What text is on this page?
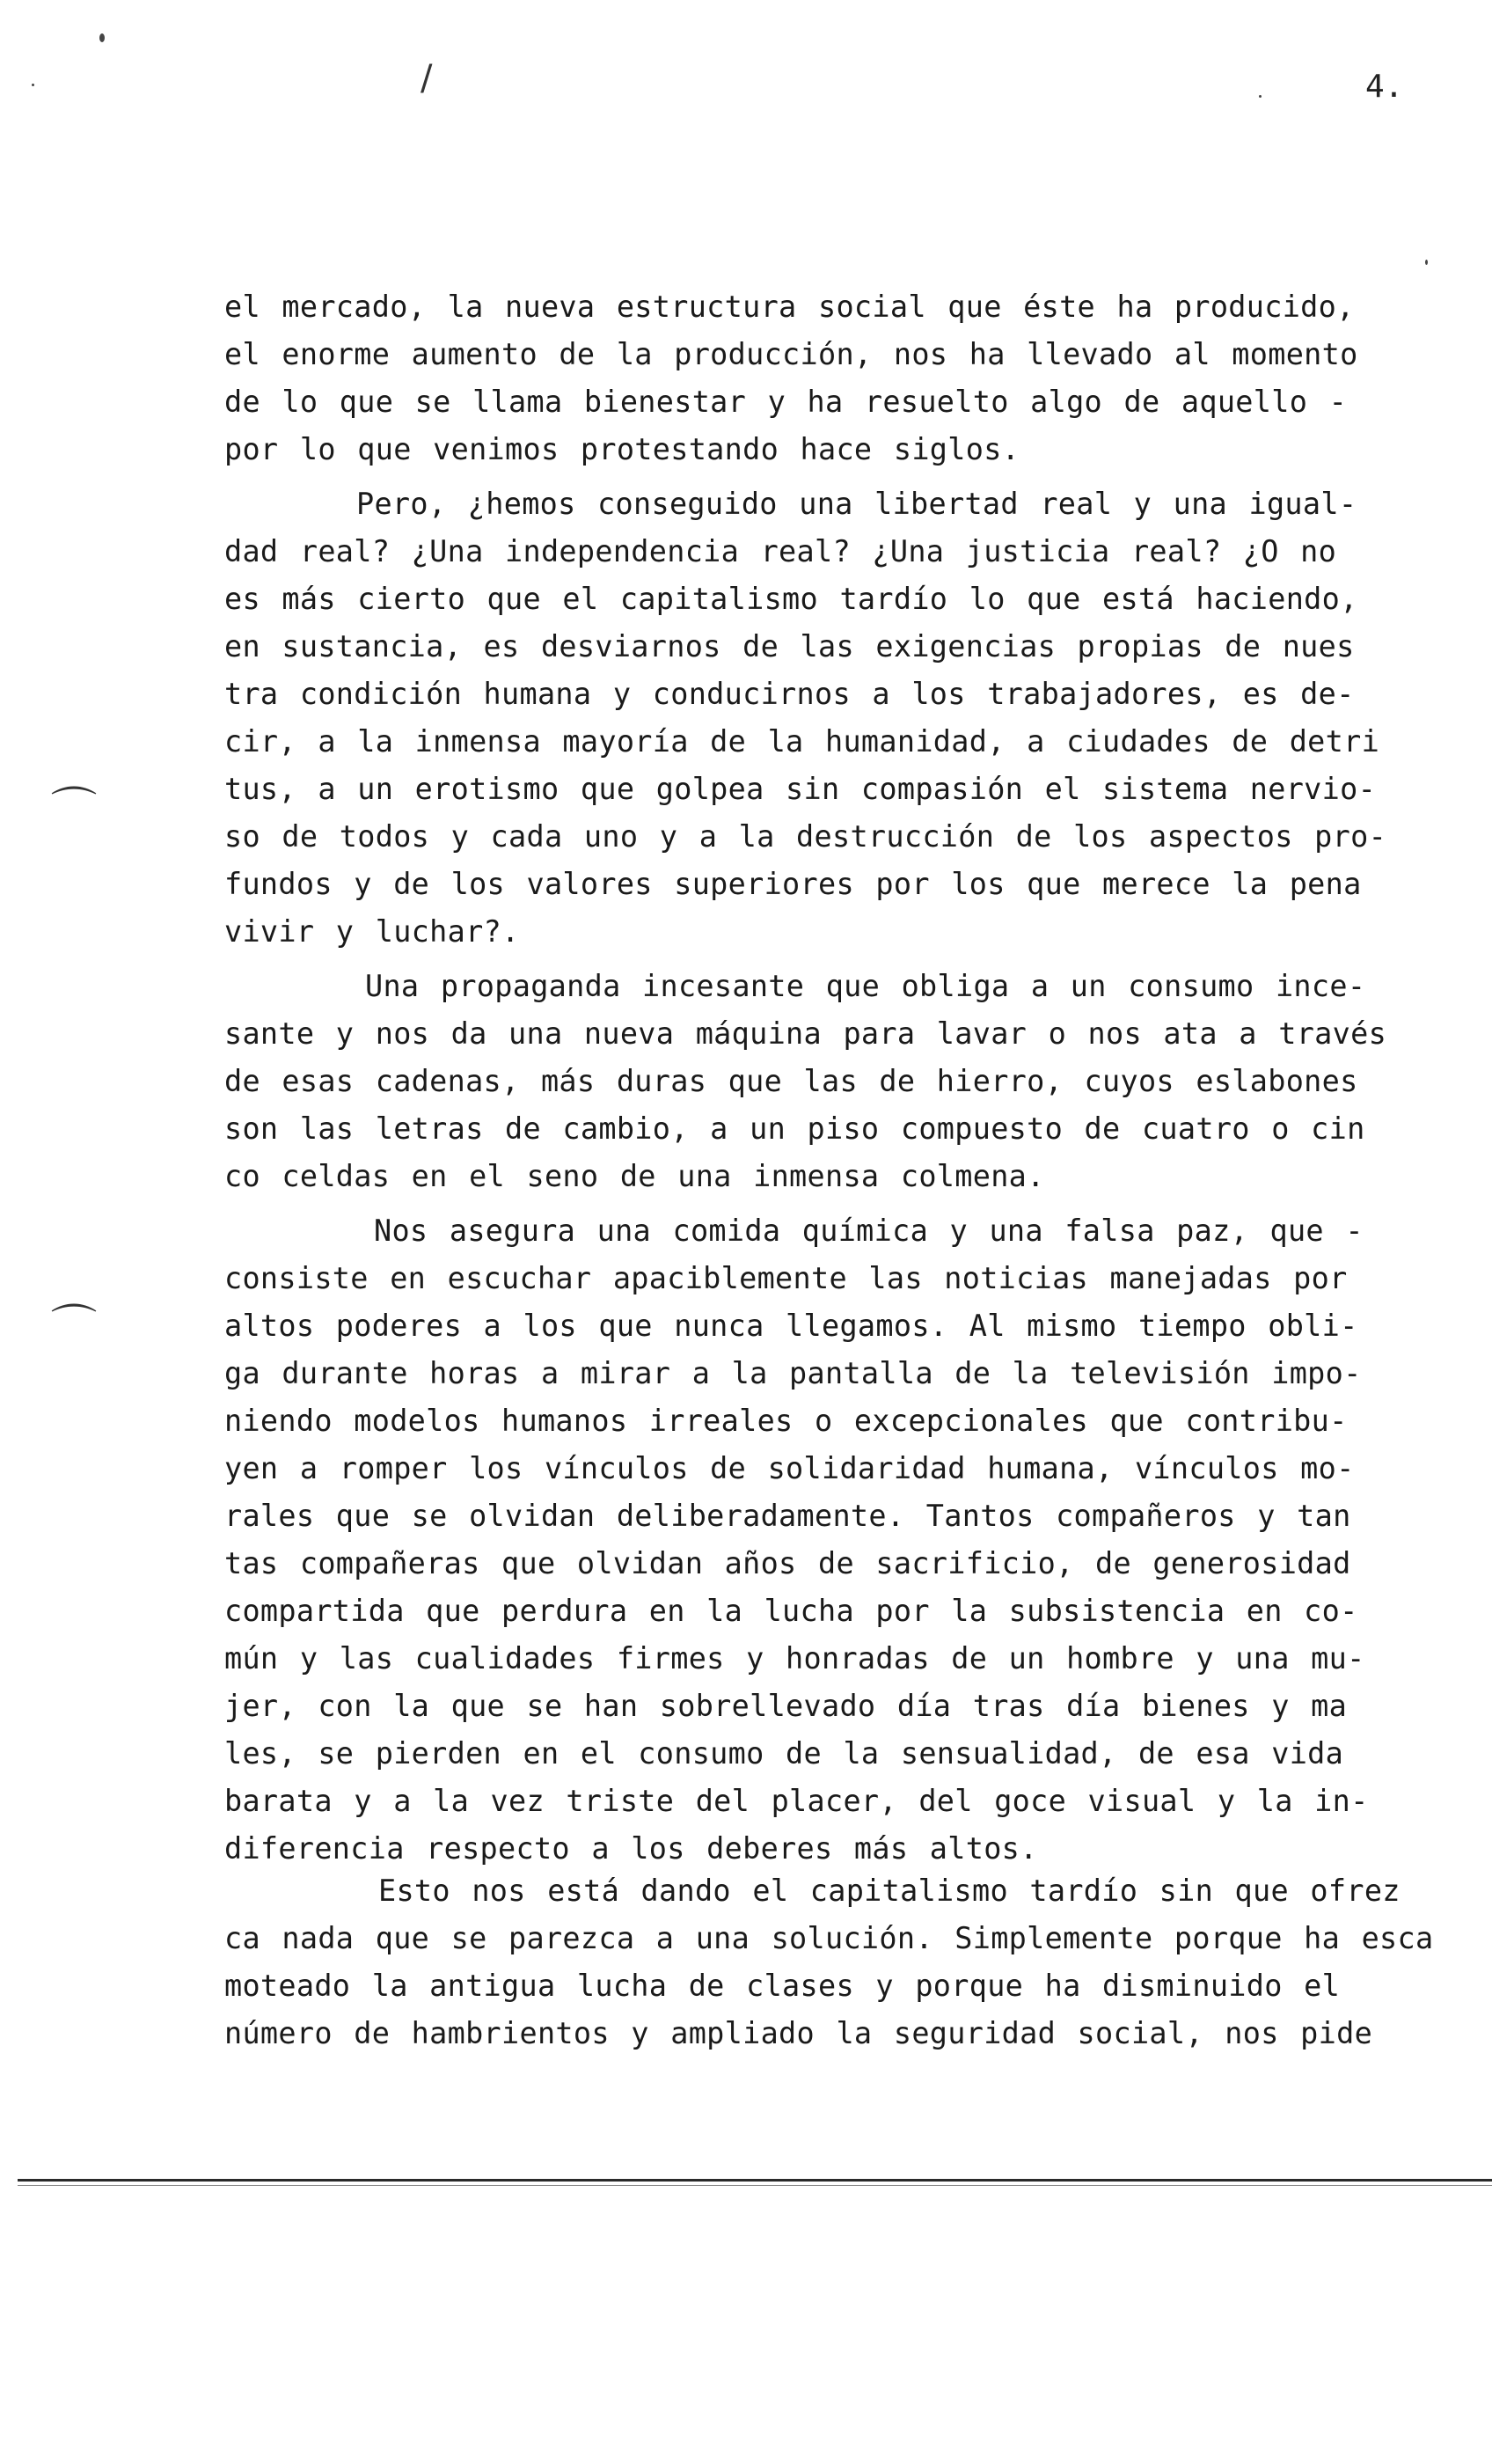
4.
/
⌒
⌒

el mercado, la nueva estructura social que éste ha producido,
el enorme aumento de la producción, nos ha llevado al momento
de lo que se llama bienestar y ha resuelto algo de aquello -
por lo que venimos protestando hace siglos.

Pero, ¿hemos conseguido una libertad real y una igual-
dad real? ¿Una independencia real? ¿Una justicia real? ¿O no
es más cierto que el capitalismo tardío lo que está haciendo,
en sustancia, es desviarnos de las exigencias propias de nues
tra condición humana y conducirnos a los trabajadores, es de-
cir, a la inmensa mayoría de la humanidad, a ciudades de detri
tus, a un erotismo que golpea sin compasión el sistema nervio-
so de todos y cada uno y a la destrucción de los aspectos pro-
fundos y de los valores superiores por los que merece la pena
vivir y luchar?.

Una propaganda incesante que obliga a un consumo ince-
sante y nos da una nueva máquina para lavar o nos ata a través
de esas cadenas, más duras que las de hierro, cuyos eslabones
son las letras de cambio, a un piso compuesto de cuatro o cin
co celdas en el seno de una inmensa colmena.

Nos asegura una comida química y una falsa paz, que -
consiste en escuchar apaciblemente las noticias manejadas por
altos poderes a los que nunca llegamos. Al mismo tiempo obli-
ga durante horas a mirar a la pantalla de la televisión impo-
niendo modelos humanos irreales o excepcionales que contribu-
yen a romper los vínculos de solidaridad humana, vínculos mo-
rales que se olvidan deliberadamente. Tantos compañeros y tan
tas compañeras que olvidan años de sacrificio, de generosidad
compartida que perdura en la lucha por la subsistencia en co-
mún y las cualidades firmes y honradas de un hombre y una mu-
jer, con la que se han sobrellevado día tras día bienes y ma
les, se pierden en el consumo de la sensualidad, de esa vida
barata y a la vez triste del placer, del goce visual y la in-
diferencia respecto a los deberes más altos.

Esto nos está dando el capitalismo tardío sin que ofrez
ca nada que se parezca a una solución. Simplemente porque ha esca
moteado la antigua lucha de clases y porque ha disminuido el
número de hambrientos y ampliado la seguridad social, nos pide
